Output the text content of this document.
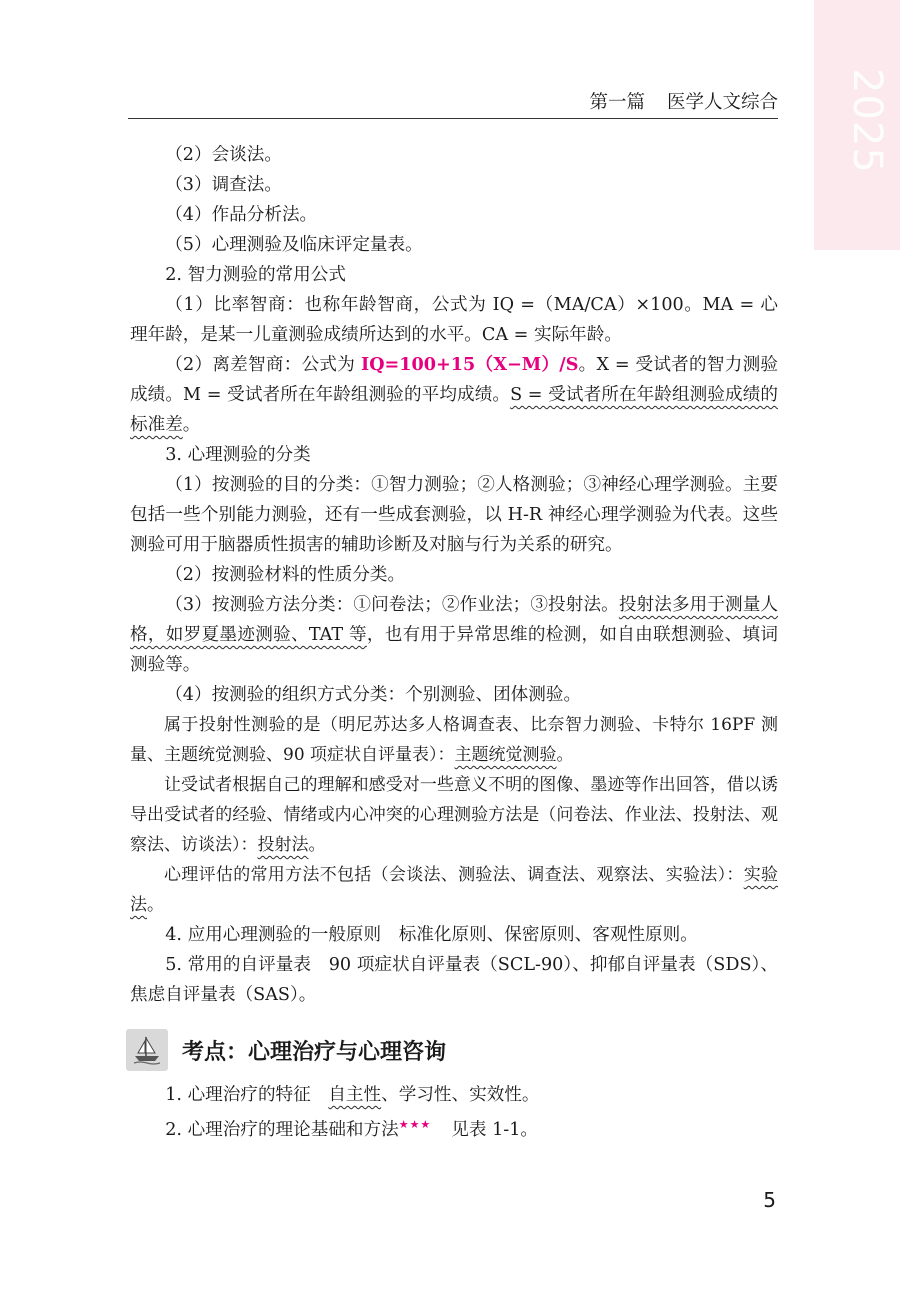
2025
第一篇 医学人文综合

（2）会谈法。

（3）调查法。

（4）作品分析法。

（5）心理测验及临床评定量表。

2. 智力测验的常用公式

（1）比率智商：也称年龄智商，公式为 IQ =（MA/CA）×100。MA = 心理年龄，是某一儿童测验成绩所达到的水平。CA = 实际年龄。

（2）离差智商：公式为 IQ=100+15（X−M）/S。X = 受试者的智力测验成绩。M = 受试者所在年龄组测验的平均成绩。S = 受试者所在年龄组测验成绩的标准差。

3. 心理测验的分类

（1）按测验的目的分类：①智力测验；②人格测验；③神经心理学测验。主要包括一些个别能力测验，还有一些成套测验，以 H-R 神经心理学测验为代表。这些测验可用于脑器质性损害的辅助诊断及对脑与行为关系的研究。

（2）按测验材料的性质分类。

（3）按测验方法分类：①问卷法；②作业法；③投射法。投射法多用于测量人格，如罗夏墨迹测验、TAT 等，也有用于异常思维的检测，如自由联想测验、填词测验等。

（4）按测验的组织方式分类：个别测验、团体测验。

属于投射性测验的是（明尼苏达多人格调查表、比奈智力测验、卡特尔 16PF 测量、主题统觉测验、90 项症状自评量表）：主题统觉测验。

让受试者根据自己的理解和感受对一些意义不明的图像、墨迹等作出回答，借以诱导出受试者的经验、情绪或内心冲突的心理测验方法是（问卷法、作业法、投射法、观察法、访谈法）：投射法。

心理评估的常用方法不包括（会谈法、测验法、调查法、观察法、实验法）：实验法。

4. 应用心理测验的一般原则　标准化原则、保密原则、客观性原则。

5. 常用的自评量表　90 项症状自评量表（SCL-90）、抑郁自评量表（SDS）、焦虑自评量表（SAS）。

考点：心理治疗与心理咨询

1. 心理治疗的特征　自主性、学习性、实效性。

2. 心理治疗的理论基础和方法★★★ 见表 1-1。

5
